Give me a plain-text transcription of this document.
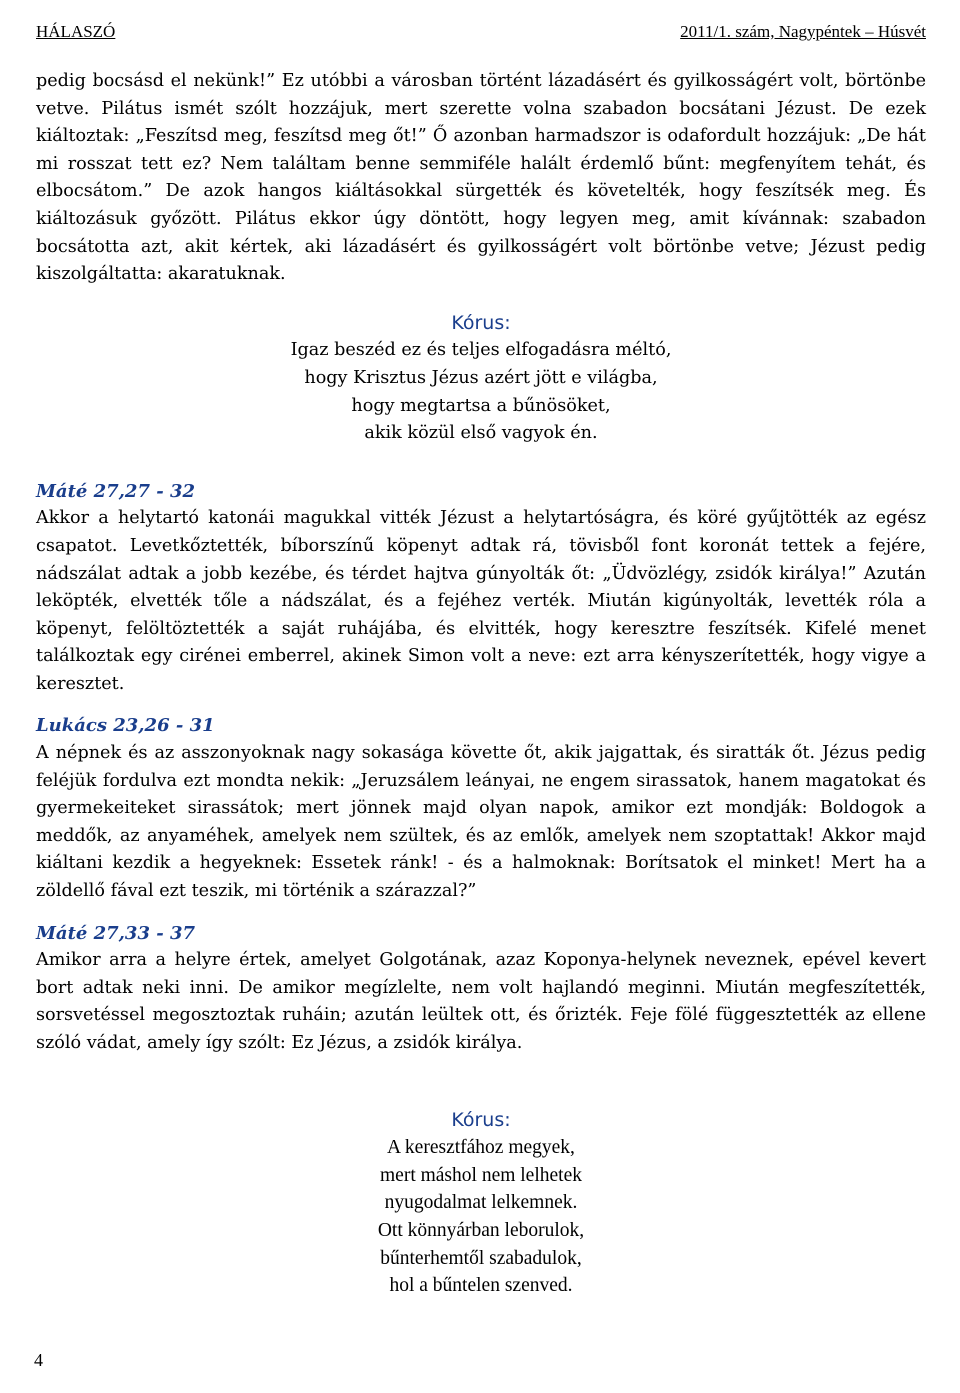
HÁLASZÓ	2011/1. szám, Nagypéntek – Húsvét

pedig bocsásd el nekünk!” Ez utóbbi a városban történt lázadásért és gyilkosságért volt, börtönbe vetve. Pilátus ismét szólt hozzájuk, mert szerette volna szabadon bocsátani Jézust. De ezek kiáltoztak: „Feszítsd meg, feszítsd meg őt!” Ő azonban harmadszor is odafordult hozzájuk: „De hát mi rosszat tett ez? Nem találtam benne semmiféle halált érdemlő bűnt: megfenyítem tehát, és elbocsátom.” De azok hangos kiáltásokkal sürgették és követelték, hogy feszítsék meg. És kiáltozásuk győzött. Pilátus ekkor úgy döntött, hogy legyen meg, amit kívánnak: szabadon bocsátotta azt, akit kértek, aki lázadásért és gyilkosságért volt börtönbe vetve; Jézust pedig kiszolgáltatta: akaratuknak.

Kórus:
Igaz beszéd ez és teljes elfogadásra méltó,
hogy Krisztus Jézus azért jött e világba,
hogy megtartsa a bűnösöket,
akik közül első vagyok én.
Máté 27,27 - 32

Akkor a helytartó katonái magukkal vitték Jézust a helytartóságra, és köré gyűjtötték az egész csapatot. Levetkőztették, bíborszínű köpenyt adtak rá, tövisből font koronát tettek a fejére, nádszálat adtak a jobb kezébe, és térdet hajtva gúnyolták őt: „Üdvözlégy, zsidók királya!” Azután leköpték, elvették tőle a nádszálat, és a fejéhez verték. Miután kigúnyolták, levették róla a köpenyt, felöltöztették a saját ruhájába, és elvitték, hogy keresztre feszítsék. Kifelé menet találkoztak egy cirénei emberrel, akinek Simon volt a neve: ezt arra kényszerítették, hogy vigye a keresztet.

Lukács 23,26 - 31

A népnek és az asszonyoknak nagy sokasága követte őt, akik jajgattak, és siratták őt. Jézus pedig feléjük fordulva ezt mondta nekik: „Jeruzsálem leányai, ne engem sirassatok, hanem magatokat és gyermekeiteket sirassátok; mert jönnek majd olyan napok, amikor ezt mondják: Boldogok a meddők, az anyaméhek, amelyek nem szültek, és az emlők, amelyek nem szoptattak! Akkor majd kiáltani kezdik a hegyeknek: Essetek ránk! - és a halmoknak: Borítsatok el minket! Mert ha a zöldellő fával ezt teszik, mi történik a szárazzal?”

Máté 27,33 - 37

Amikor arra a helyre értek, amelyet Golgotának, azaz Koponya-helynek neveznek, epével kevert bort adtak neki inni. De amikor megízlelte, nem volt hajlandó meginni. Miután megfeszítették, sorsvetéssel megosztoztak ruháin; azután leültek ott, és őrizték. Feje fölé függesztették az ellene szóló vádat, amely így szólt: Ez Jézus, a zsidók királya.

Kórus:
A keresztfához megyek,
mert máshol nem lelhetek
nyugodalmat lelkemnek.
Ott könnyárban leborulok,
bűnterhemtől szabadulok,
hol a bűntelen szenved.
4
